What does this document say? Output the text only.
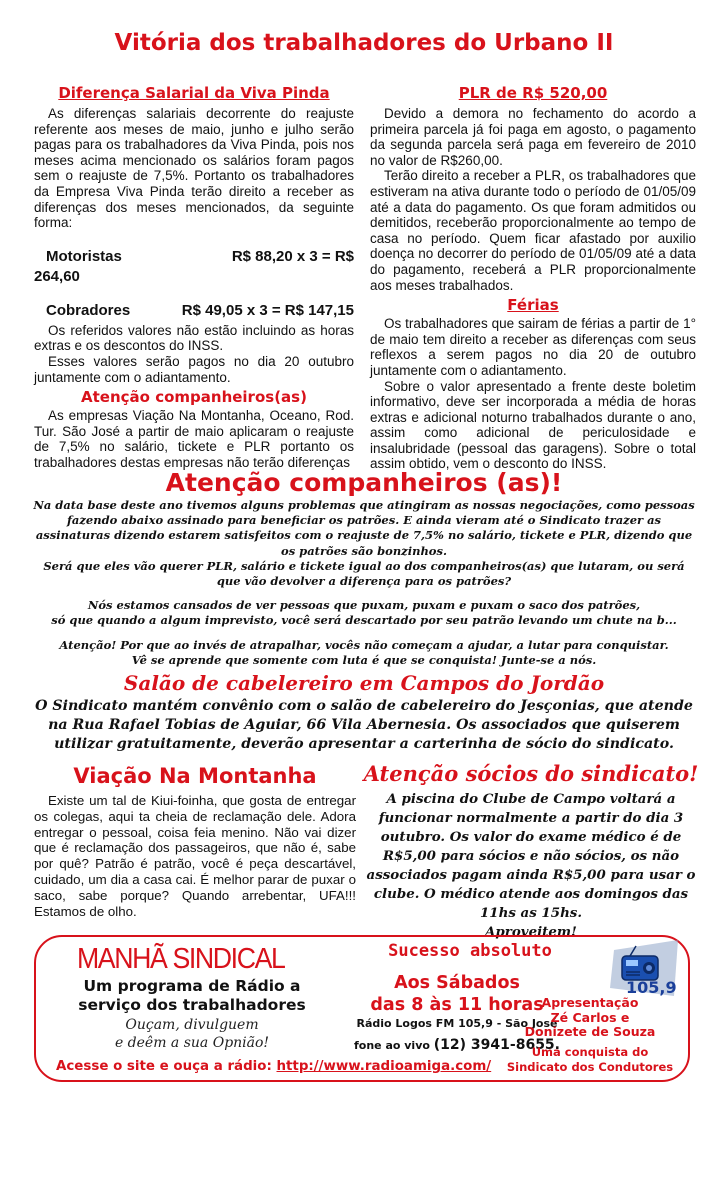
Vitória dos trabalhadores do Urbano II
Diferença Salarial da Viva Pinda

As diferenças salariais decorrente do reajuste referente aos meses de maio, junho e julho serão pagas para os trabalhadores da Viva Pinda, pois nos meses acima mencionado os salários foram pagos sem o reajuste de 7,5%. Portanto os trabalhadores da Empresa Viva Pinda terão direito a receber as diferenças dos meses mencionados, da seguinte forma:

Motoristas	R$ 88,20 x 3 = R$
264,60
Cobradores	R$ 49,05 x 3 = R$ 147,15

Os referidos valores não estão incluindo as horas extras e os descontos do INSS.

Esses valores serão pagos no dia 20 outubro juntamente com o adiantamento.

Atenção companheiros(as)

As empresas Viação Na Montanha, Oceano, Rod. Tur. São José a partir de maio aplicaram o reajuste de 7,5% no salário, tickete e PLR portanto os trabalhadores destas empresas não terão diferenças

PLR de R$ 520,00

Devido a demora no fechamento do acordo a primeira parcela já foi paga em agosto, o pagamento da segunda parcela será paga em fevereiro de 2010 no valor de R$260,00.

Terão direito a receber a PLR, os trabalhadores que estiveram na ativa durante todo o período de 01/05/09 até a data do pagamento. Os que foram admitidos ou demitidos, receberão proporcionalmente ao tempo de casa no período. Quem ficar afastado por auxilio doença no decorrer do período de 01/05/09 até a data do pagamento, receberá a PLR proporcionalmente aos meses trabalhados.

Férias

Os trabalhadores que sairam de férias a partir de 1° de maio tem direito a receber as diferenças com seus reflexos a serem pagos no dia 20 de outubro juntamente com o adiantamento.

Sobre o valor apresentado a frente deste boletim informativo, deve ser incorporada a média de horas extras e adicional noturno trabalhados durante o ano, assim como adicional de periculosidade e insalubridade (pessoal das garagens). Sobre o total assim obtido, vem o desconto do INSS.

Atenção companheiros (as)!
Na data base deste ano tivemos alguns problemas que atingiram as nossas negociações, como pessoas fazendo abaixo assinado para beneficiar os patrões. E ainda vieram até o Sindicato trazer as assinaturas dizendo estarem satisfeitos com o reajuste de 7,5% no salário, tickete e PLR, dizendo que os patrões são bonzinhos.
Será que eles vão querer PLR, salário e tickete igual ao dos companheiros(as) que lutaram, ou será que vão devolver a diferença para os patrões?
Nós estamos cansados de ver pessoas que puxam, puxam e puxam o saco dos patrões,
só que quando a algum imprevisto, você será descartado por seu patrão levando um chute na b...
Atenção! Por que ao invés de atrapalhar, vocês não começam a ajudar, a lutar para conquistar.
Vê se aprende que somente com luta é que se conquista! Junte-se a nós.
Salão de cabelereiro em Campos do Jordão
O Sindicato mantém convênio com o salão de cabelereiro do Jesçonias, que atende na Rua Rafael Tobias de Aguiar, 66 Vila Abernesia. Os associados que quiserem utilizar gratuitamente, deverão apresentar a carterinha de sócio do sindicato.
Viação Na Montanha
Existe um tal de Kiui-foinha, que gosta de entregar os colegas, aqui ta cheia de reclamação dele. Adora entregar o pessoal, coisa feia menino. Não vai dizer que é reclamação dos passageiros, que não é, sabe por quê? Patrão é patrão, você é peça descartável, cuidado, um dia a casa cai. É melhor parar de puxar o saco, sabe porque? Quando arrebentar, UFA!!! Estamos de olho.
Atenção sócios do sindicato!
A piscina do Clube de Campo voltará a funcionar normalmente a partir do dia 3 outubro. Os valor do exame médico é de R$5,00 para sócios e não sócios, os não associados pagam ainda R$5,00 para usar o clube. O médico atende aos domingos das 11hs as 15hs.
Aproveitem!
MANHÃ SINDICAL
Um programa de Rádio a
serviço dos trabalhadores
Ouçam, divulguem
e deêm a sua Opnião!
Acesse o site e ouça a rádio: http://www.radioamiga.com/
Sucesso absoluto
Aos Sábados
das 8 às 11 horas
Rádio Logos FM 105,9 - São José
fone ao vivo (12) 3941-8655.
105,9
Apresentação
Zé Carlos e
Donizete de Souza
Uma conquista do
Sindicato dos Condutores
